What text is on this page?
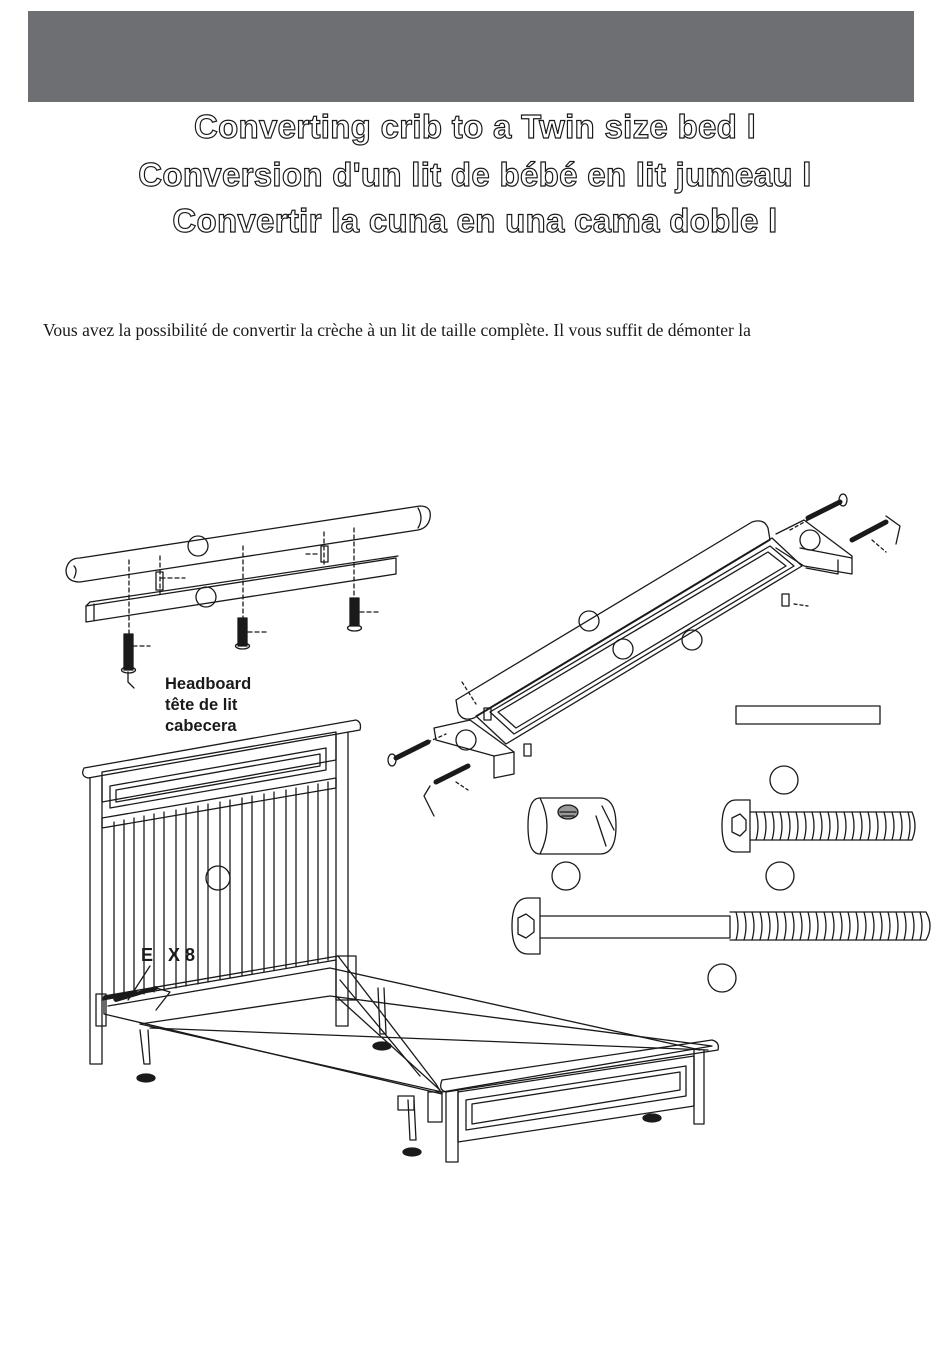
Converting crib to a Twin size bed l
Conversion d'un lit de bébé en lit jumeau l
Convertir la cuna en una cama doble l
Vous avez la possibilité de convertir la crèche à un lit de taille complète. Il vous suffit de démonter la
Headboard
tête de lit
cabecera
E X 8
